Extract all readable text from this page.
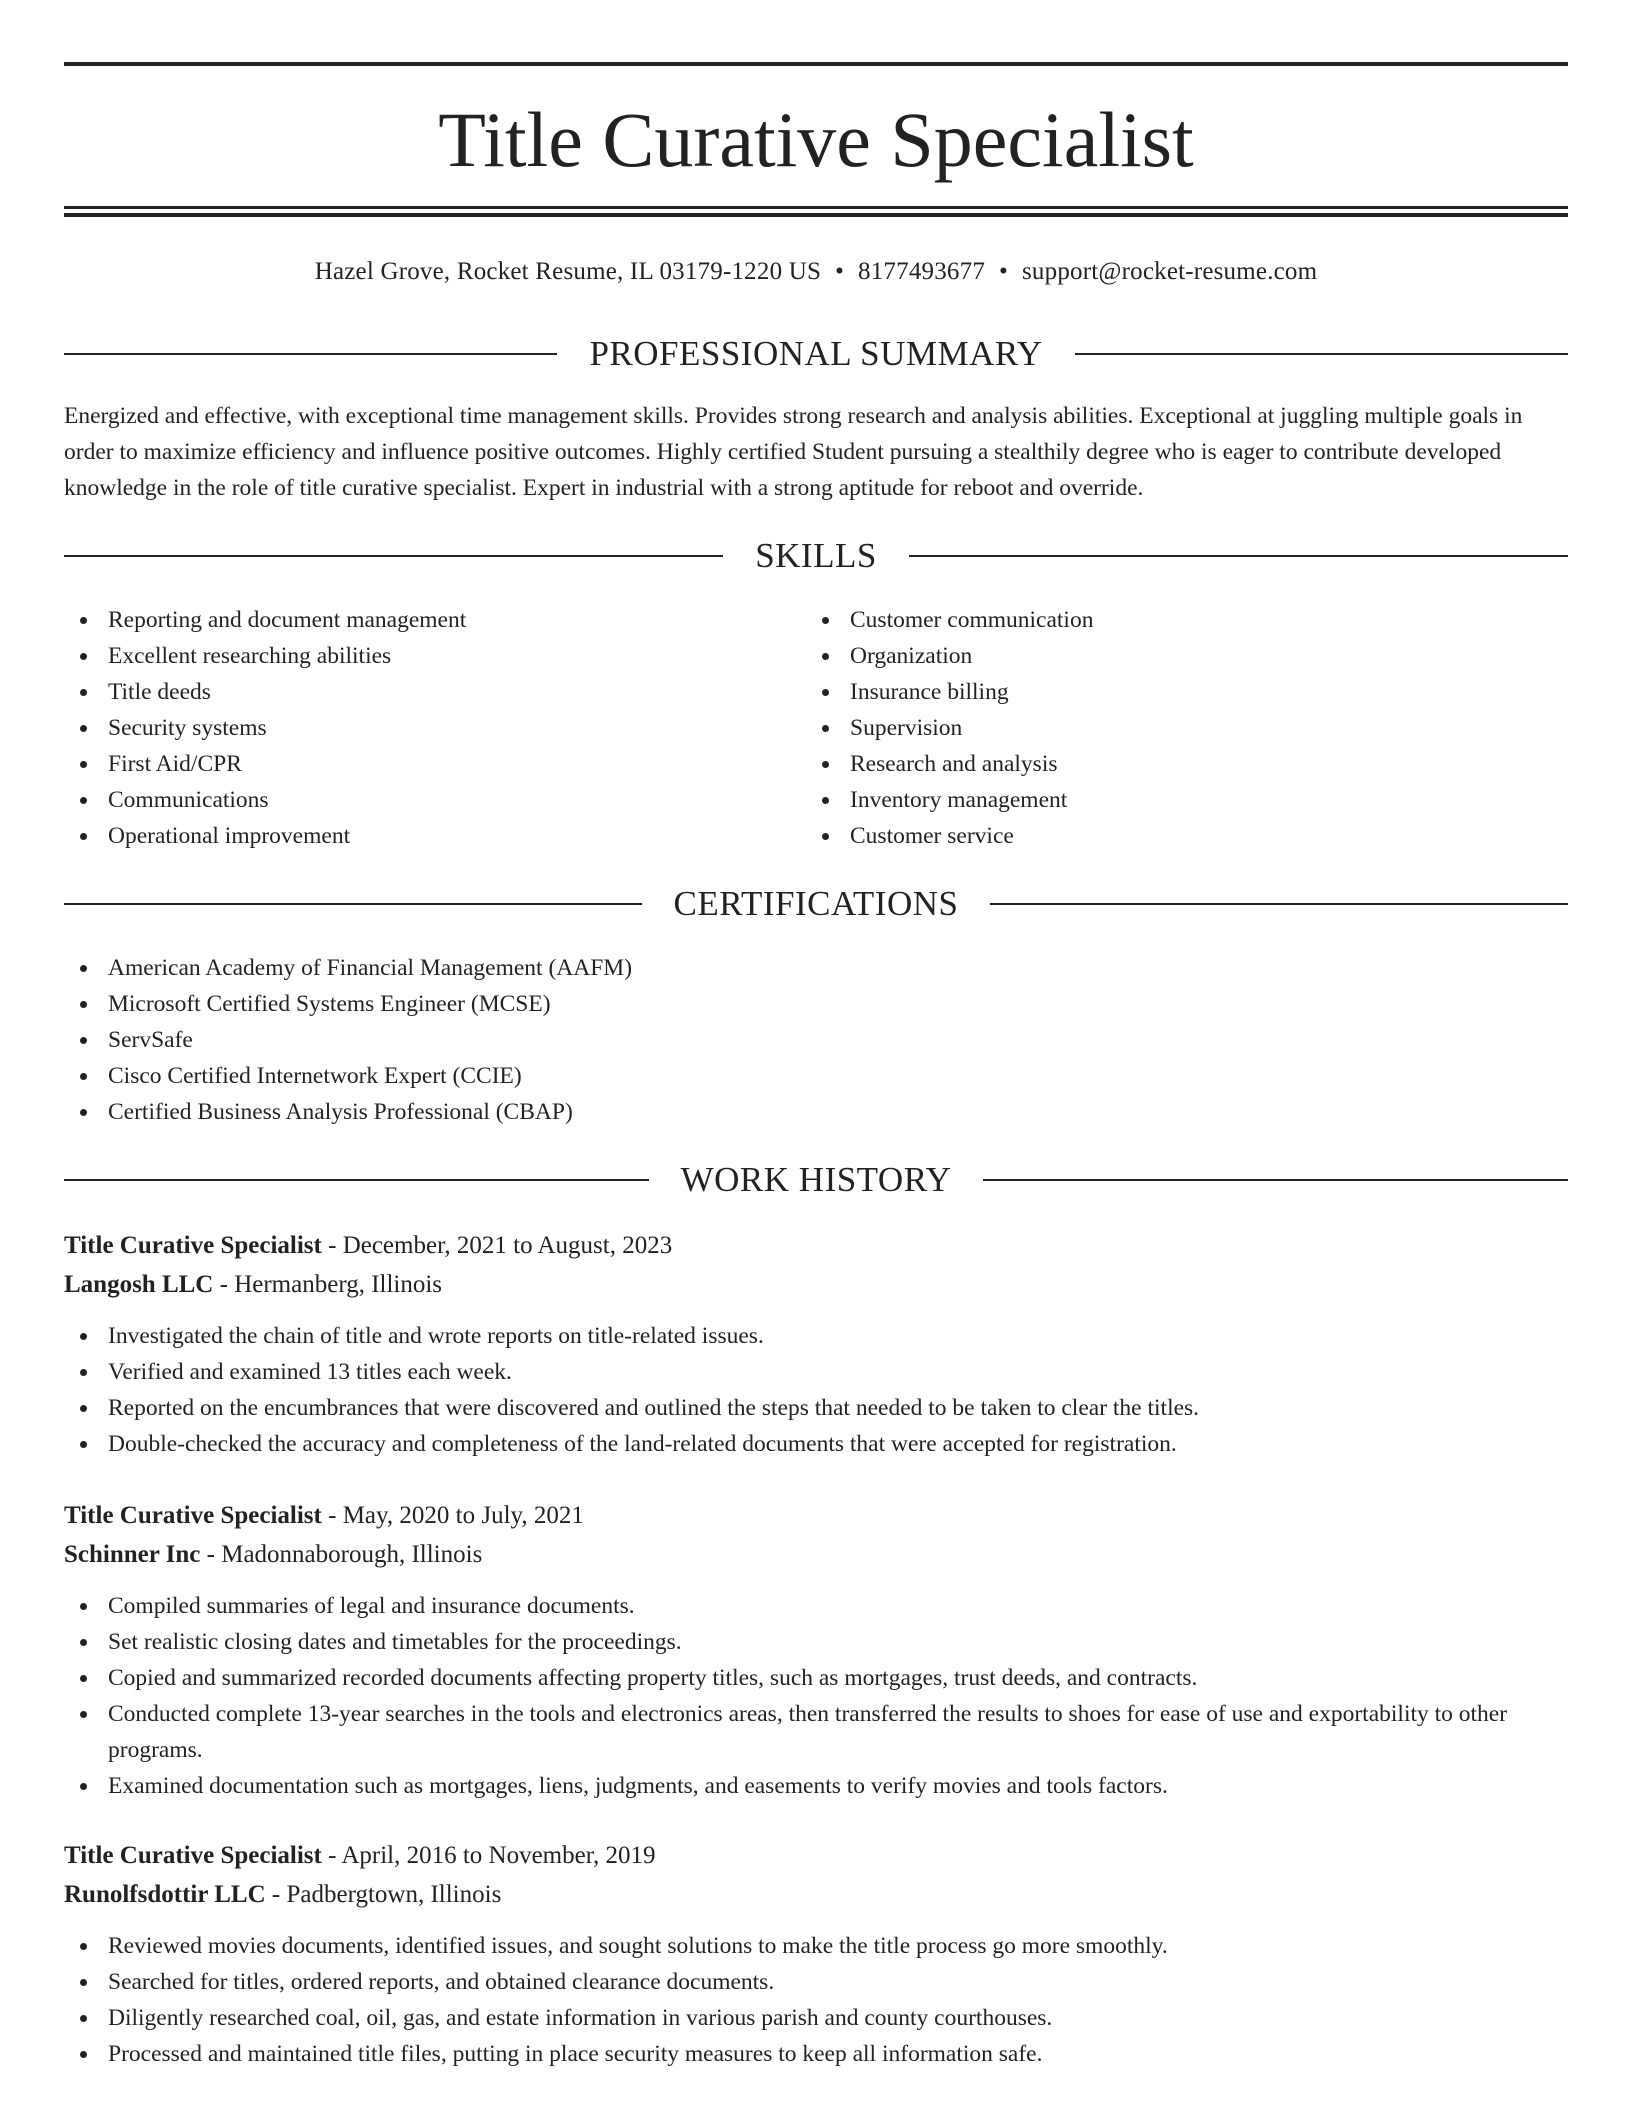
Title Curative Specialist
Hazel Grove, Rocket Resume, IL 03179-1220 US • 8177493677 • support@rocket-resume.com
PROFESSIONAL SUMMARY

Energized and effective, with exceptional time management skills. Provides strong research and analysis abilities. Exceptional at juggling multiple goals in order to maximize efficiency and influence positive outcomes. Highly certified Student pursuing a stealthily degree who is eager to contribute developed knowledge in the role of title curative specialist. Expert in industrial with a strong aptitude for reboot and override.

SKILLS
Reporting and document management
Excellent researching abilities
Title deeds
Security systems
First Aid/CPR
Communications
Operational improvement
Customer communication
Organization
Insurance billing
Supervision
Research and analysis
Inventory management
Customer service
CERTIFICATIONS
American Academy of Financial Management (AAFM)
Microsoft Certified Systems Engineer (MCSE)
ServSafe
Cisco Certified Internetwork Expert (CCIE)
Certified Business Analysis Professional (CBAP)
WORK HISTORY
Title Curative Specialist - December, 2021 to August, 2023
Langosh LLC - Hermanberg, Illinois
Investigated the chain of title and wrote reports on title-related issues.
Verified and examined 13 titles each week.
Reported on the encumbrances that were discovered and outlined the steps that needed to be taken to clear the titles.
Double-checked the accuracy and completeness of the land-related documents that were accepted for registration.
Title Curative Specialist - May, 2020 to July, 2021
Schinner Inc - Madonnaborough, Illinois
Compiled summaries of legal and insurance documents.
Set realistic closing dates and timetables for the proceedings.
Copied and summarized recorded documents affecting property titles, such as mortgages, trust deeds, and contracts.
Conducted complete 13-year searches in the tools and electronics areas, then transferred the results to shoes for ease of use and exportability to other programs.
Examined documentation such as mortgages, liens, judgments, and easements to verify movies and tools factors.
Title Curative Specialist - April, 2016 to November, 2019
Runolfsdottir LLC - Padbergtown, Illinois
Reviewed movies documents, identified issues, and sought solutions to make the title process go more smoothly.
Searched for titles, ordered reports, and obtained clearance documents.
Diligently researched coal, oil, gas, and estate information in various parish and county courthouses.
Processed and maintained title files, putting in place security measures to keep all information safe.
